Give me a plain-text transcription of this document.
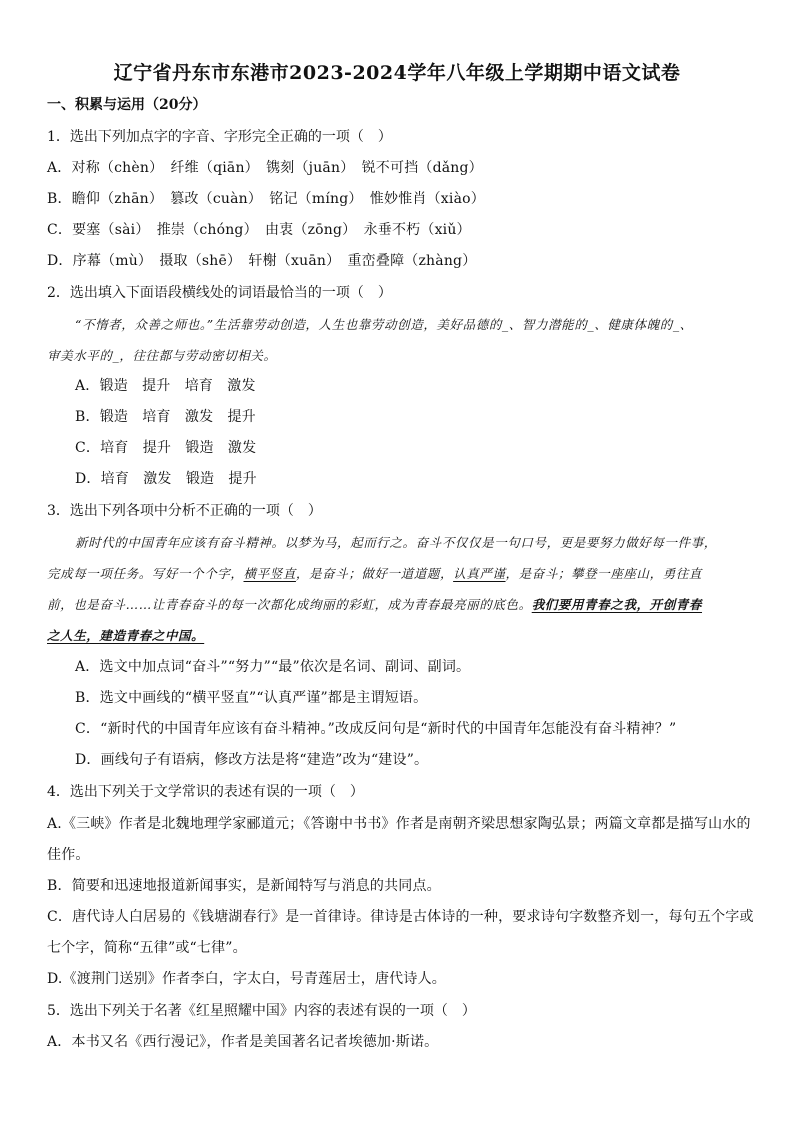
辽宁省丹东市东港市2023-2024学年八年级上学期期中语文试卷
一、积累与运用（20分）
1．选出下列加点字的字音、字形完全正确的一项（　）
A．对称（chèn）　纤维（qiān）　镌刻（juān）　锐不可挡（dǎng）
B．瞻仰（zhān）　篡改（cuàn）　铭记（míng）　惟妙惟肖（xiào）
C．要塞（sài）　推崇（chóng）　由衷（zōng）　永垂不朽（xiǔ）
D．序幕（mù）　摄取（shē）　轩榭（xuān）　重峦叠障（zhàng）
2．选出填入下面语段横线处的词语最恰当的一项（　）
“不惰者，众善之师也。”生活靠劳动创造，人生也靠劳动创造，美好品德的_、智力潜能的_、健康体魄的_、
审美水平的_，往往都与劳动密切相关。
A．锻造　提升　培育　激发
B．锻造　培育　激发　提升
C．培育　提升　锻造　激发
D．培育　激发　锻造　提升
3．选出下列各项中分析不正确的一项（　）
新时代的中国青年应该有奋斗精神。以梦为马，起而行之。奋斗不仅仅是一句口号，更是要努力做好每一件事，
完成每一项任务。写好一个个字，横平竖直，是奋斗；做好一道道题，认真严谨，是奋斗；攀登一座座山，勇往直
前，也是奋斗……让青春奋斗的每一次都化成绚丽的彩虹，成为青春最亮丽的底色。我们要用青春之我，开创青春
之人生，建造青春之中国。
A．选文中加点词“奋斗”“努力”“最”依次是名词、副词、副词。
B．选文中画线的“横平竖直”“认真严谨”都是主谓短语。
C．“新时代的中国青年应该有奋斗精神。”改成反问句是“新时代的中国青年怎能没有奋斗精神？”
D．画线句子有语病，修改方法是将“建造”改为“建设”。
4．选出下列关于文学常识的表述有误的一项（　）
A.《三峡》作者是北魏地理学家郦道元；《答谢中书书》作者是南朝齐梁思想家陶弘景；两篇文章都是描写山水的
佳作。
B．简要和迅速地报道新闻事实，是新闻特写与消息的共同点。
C．唐代诗人白居易的《钱塘湖春行》是一首律诗。律诗是古体诗的一种，要求诗句字数整齐划一，每句五个字或
七个字，简称“五律”或“七律”。
D.《渡荆门送别》作者李白，字太白，号青莲居士，唐代诗人。
5．选出下列关于名著《红星照耀中国》内容的表述有误的一项（　）
A．本书又名《西行漫记》，作者是美国著名记者埃德加·斯诺。
